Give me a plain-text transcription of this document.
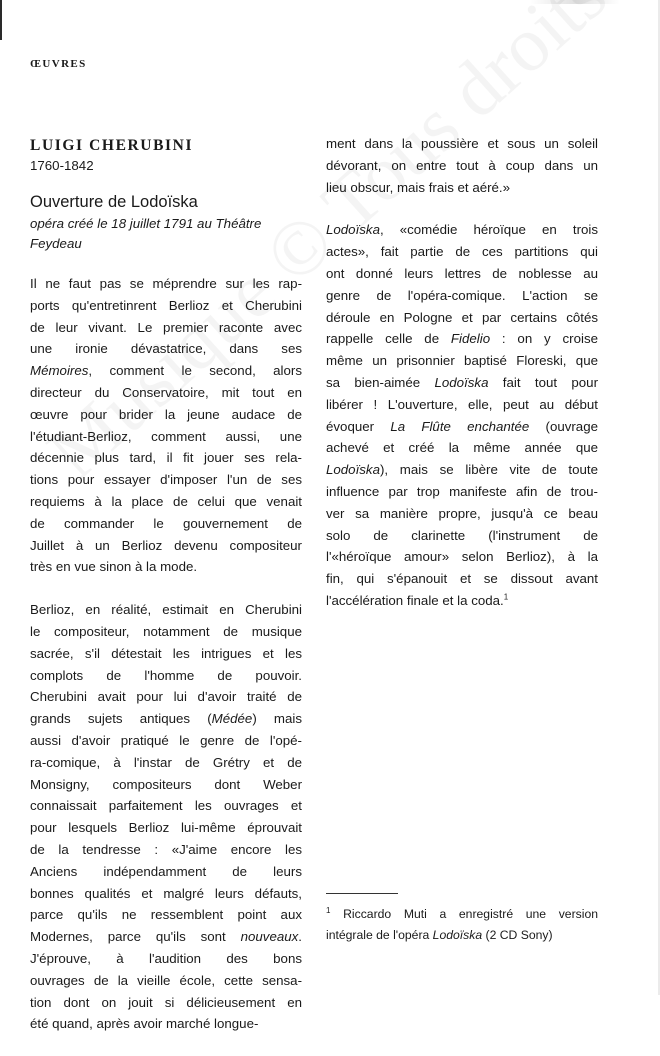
ŒUVRES
LUIGI CHERUBINI
1760-1842
Ouverture de Lodoïska
opéra créé le 18 juillet 1791 au Théâtre
Feydeau

Il ne faut pas se méprendre sur les rap-
ports qu'entretinrent Berlioz et Cherubini
de leur vivant. Le premier raconte avec
une ironie dévastatrice, dans ses
Mémoires, comment le second, alors
directeur du Conservatoire, mit tout en
œuvre pour brider la jeune audace de
l'étudiant-Berlioz, comment aussi, une
décennie plus tard, il fit jouer ses rela-
tions pour essayer d'imposer l'un de ses
requiems à la place de celui que venait
de commander le gouvernement de
Juillet à un Berlioz devenu compositeur
très en vue sinon à la mode.

Berlioz, en réalité, estimait en Cherubini
le compositeur, notamment de musique
sacrée, s'il détestait les intrigues et les
complots de l'homme de pouvoir.
Cherubini avait pour lui d'avoir traité de
grands sujets antiques (Médée) mais
aussi d'avoir pratiqué le genre de l'opé-
ra-comique, à l'instar de Grétry et de
Monsigny, compositeurs dont Weber
connaissait parfaitement les ouvrages et
pour lesquels Berlioz lui-même éprouvait
de la tendresse : «J'aime encore les
Anciens indépendamment de leurs
bonnes qualités et malgré leurs défauts,
parce qu'ils ne ressemblent point aux
Modernes, parce qu'ils sont nouveaux.
J'éprouve, à l'audition des bons
ouvrages de la vieille école, cette sensa-
tion dont on jouit si délicieusement en
été quand, après avoir marché longue-

ment dans la poussière et sous un soleil
dévorant, on entre tout à coup dans un
lieu obscur, mais frais et aéré.»

Lodoïska, «comédie héroïque en trois
actes», fait partie de ces partitions qui
ont donné leurs lettres de noblesse au
genre de l'opéra-comique. L'action se
déroule en Pologne et par certains côtés
rappelle celle de Fidelio : on y croise
même un prisonnier baptisé Floreski, que
sa bien-aimée Lodoïska fait tout pour
libérer ! L'ouverture, elle, peut au début
évoquer La Flûte enchantée (ouvrage
achevé et créé la même année que
Lodoïska), mais se libère vite de toute
influence par trop manifeste afin de trou-
ver sa manière propre, jusqu'à ce beau
solo de clarinette (l'instrument de
l'«héroïque amour» selon Berlioz), à la
fin, qui s'épanouit et se dissout avant
l'accélération finale et la coda.$^1$

$^1$ Riccardo Muti a enregistré une version
intégrale de l'opéra Lodoïska (2 CD Sony)
